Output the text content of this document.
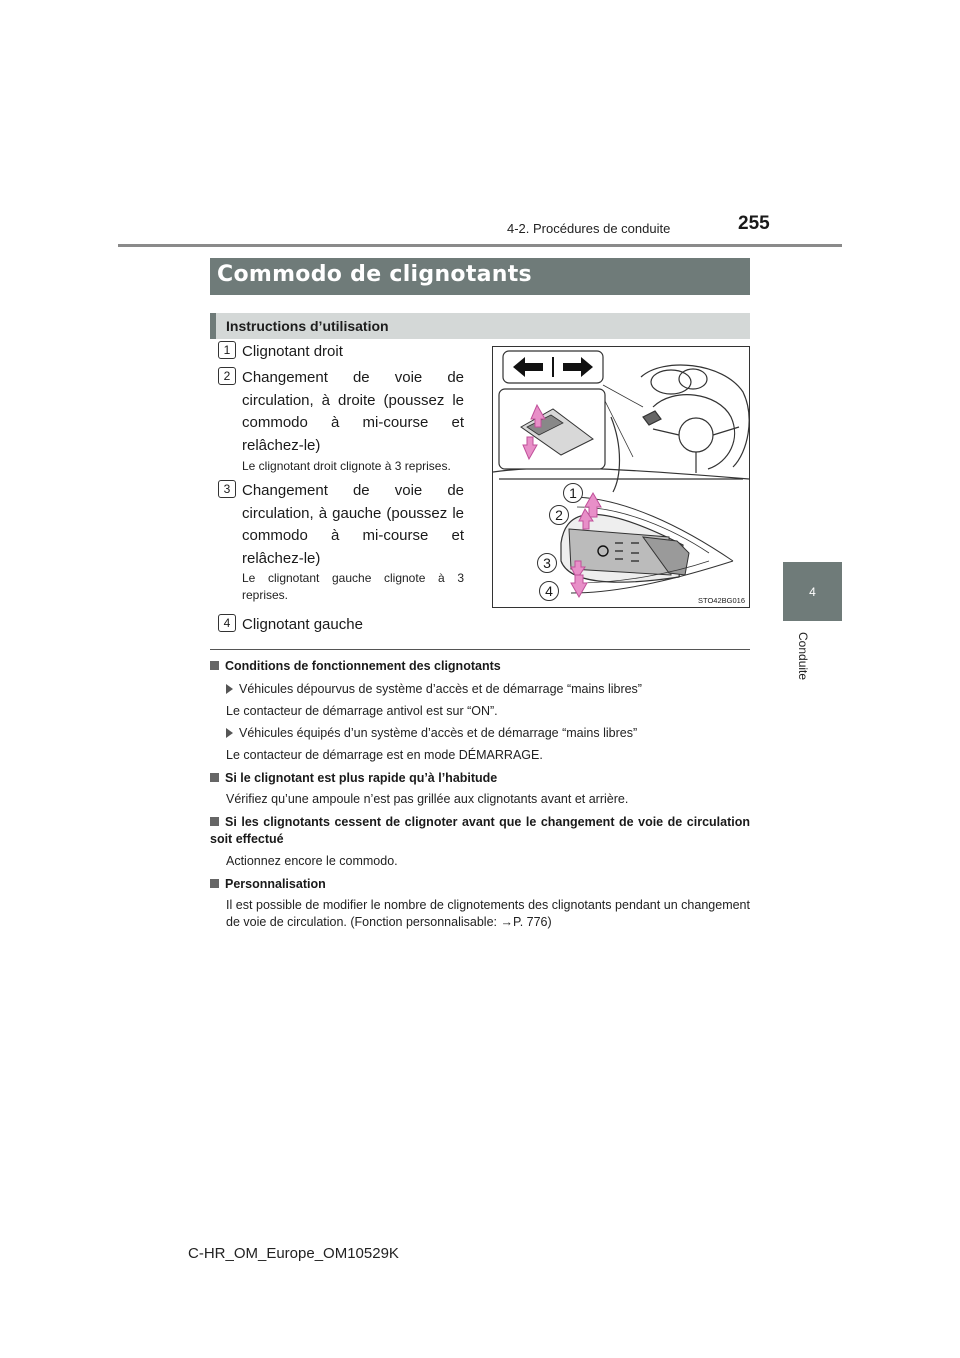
4-2. Procédures de conduite	255
4
Conduite
Commodo de clignotants
Instructions d’utilisation
1 Clignotant droit
2 Changement de voie de circulation, à droite (poussez le commodo à mi-course et relâchez-le)
Le clignotant droit clignote à 3 reprises.
3 Changement de voie de circulation, à gauche (poussez le commodo à mi-course et relâchez-le)
Le clignotant gauche clignote à 3 reprises.
4 Clignotant gauche
1
2
3
4
STO42BG016
Conditions de fonctionnement des clignotants
Véhicules dépourvus de système d’accès et de démarrage “mains libres”
Le contacteur de démarrage antivol est sur “ON”.
Véhicules équipés d’un système d’accès et de démarrage “mains libres”
Le contacteur de démarrage est en mode DÉMARRAGE.
Si le clignotant est plus rapide qu’à l’habitude
Vérifiez qu’une ampoule n’est pas grillée aux clignotants avant et arrière.
Si les clignotants cessent de clignoter avant que le changement de voie de circulation soit effectué
Actionnez encore le commodo.
Personnalisation
Il est possible de modifier le nombre de clignotements des clignotants pendant un changement de voie de circulation. (Fonction personnalisable: →P. 776)
C-HR_OM_Europe_OM10529K
